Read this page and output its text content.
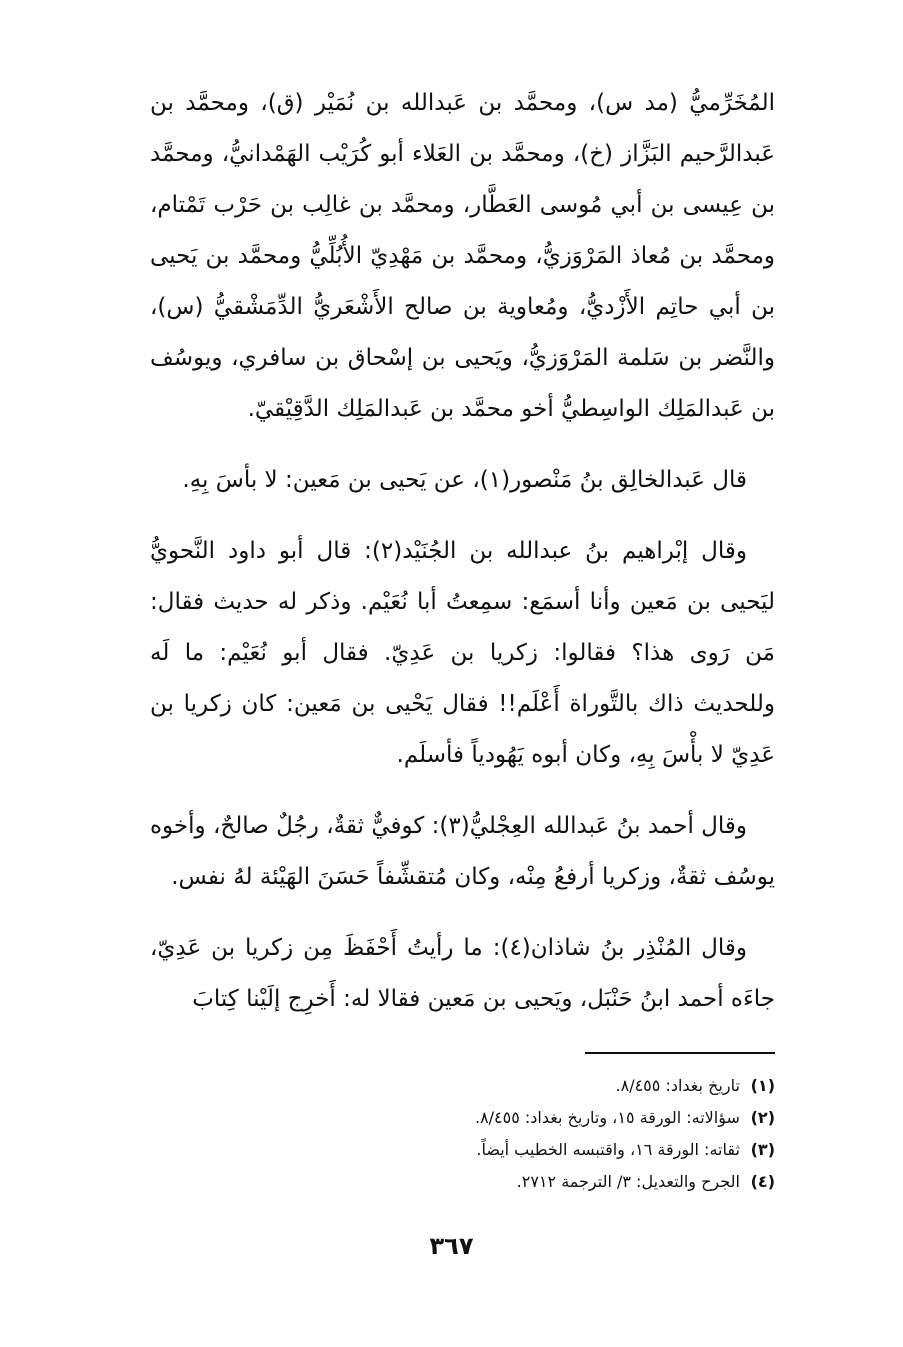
المُخَرِّميُّ (مد س)، ومحمَّد بن عَبدالله بن نُمَيْر (ق)، ومحمَّد بن عَبدالرَّحيم البَزَّاز (خ)، ومحمَّد بن العَلاء أبو كُرَيْب الهَمْدانيُّ، ومحمَّد بن عِيسى بن أبي مُوسى العَطَّار، ومحمَّد بن غالِب بن حَرْب تَمْتام، ومحمَّد بن مُعاذ المَرْوَزيُّ، ومحمَّد بن مَهْدِيّ الأُبُلِّيُّ ومحمَّد بن يَحيى بن أبي حاتِم الأَزْديُّ، ومُعاوية بن صالح الأَشْعَريُّ الدِّمَشْقيُّ (س)، والنَّضر بن سَلمة المَرْوَزيُّ، ويَحيى بن إسْحاق بن سافري، ويوسُف بن عَبدالمَلِك الواسِطيُّ أخو محمَّد بن عَبدالمَلِك الدَّقِيْقيّ.

قال عَبدالخالِق بنُ مَنْصور(١)، عن يَحيى بن مَعين: لا بأسَ بِهِ.

وقال إبْراهيم بنُ عبدالله بن الجُنَيْد(٢): قال أبو داود النَّحويُّ ليَحيى بن مَعين وأنا أسمَع: سمِعتُ أبا نُعَيْم. وذكر له حديث فقال: مَن رَوى هذا؟ فقالوا: زكريا بن عَدِيّ. فقال أبو نُعَيْم: ما لَه وللحديث ذاك بالتَّوراة أَعْلَم!! فقال يَحْيى بن مَعين: كان زكريا بن عَدِيّ لا بأْسَ بِهِ، وكان أبوه يَهُودياً فأسلَم.

وقال أحمد بنُ عَبدالله العِجْليُّ(٣): كوفيٌّ ثقةٌ، رجُلٌ صالحٌ، وأخوه يوسُف ثقةٌ، وزكريا أرفعُ مِنْه، وكان مُتقشِّفاً حَسَنَ الهَيْئة لهُ نفس.

وقال المُنْذِر بنُ شاذان(٤): ما رأيتُ أَحْفَظَ مِن زكريا بن عَدِيّ، جاءَه أحمد ابنُ حَنْبَل، ويَحيى بن مَعين فقالا له: أَخرِج إلَيْنا كِتابَ

(١) تاريخ بغداد: ٨/٤٥٥.

(٢) سؤالاته: الورقة ١٥، وتاريخ بغداد: ٨/٤٥٥.

(٣) ثقاته: الورقة ١٦، واقتبسه الخطيب أيضاً.

(٤) الجرح والتعديل: ٣/ الترجمة ٢٧١٢.

٣٦٧
